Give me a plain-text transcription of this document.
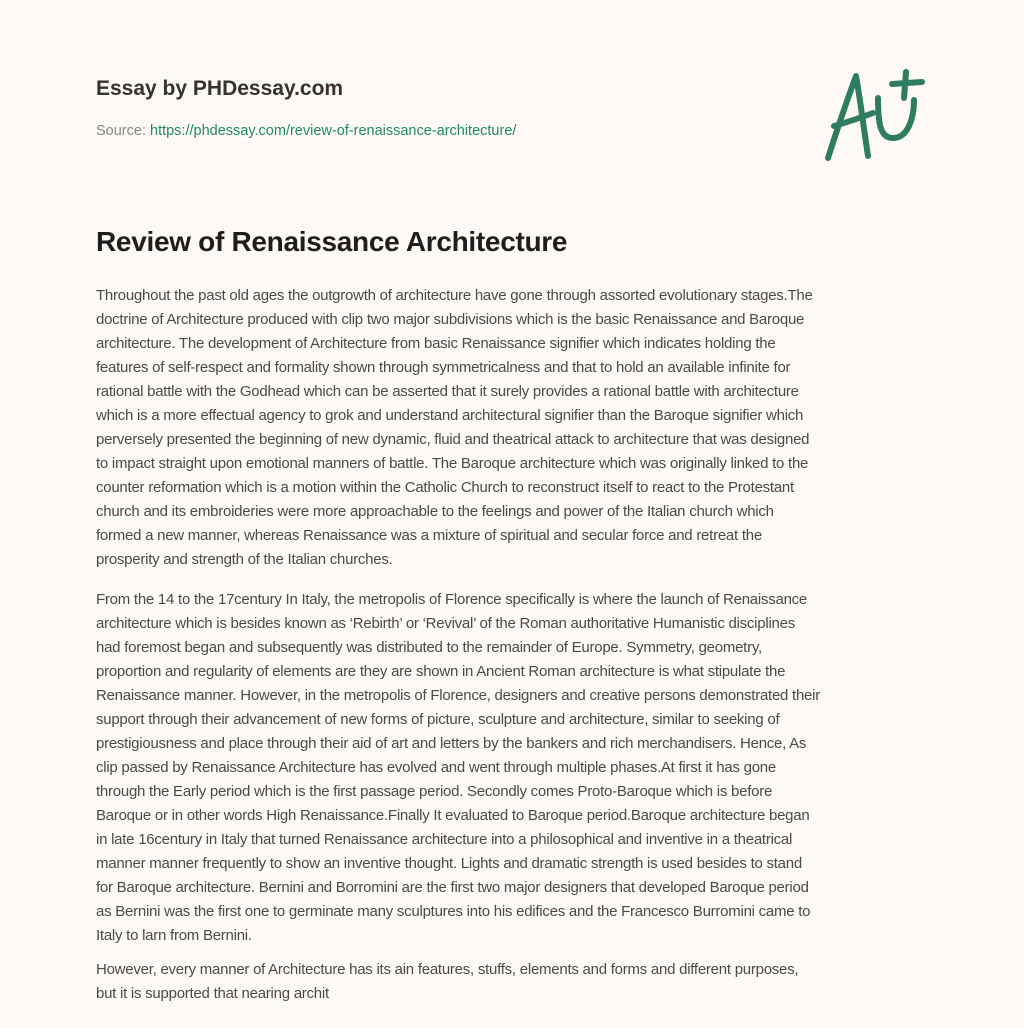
Essay by PHDessay.com
Source: https://phdessay.com/review-of-renaissance-architecture/
Review of Renaissance Architecture

Throughout the past old ages the outgrowth of architecture have gone through assorted evolutionary stages.The
doctrine of Architecture produced with clip two major subdivisions which is the basic Renaissance and Baroque
architecture. The development of Architecture from basic Renaissance signifier which indicates holding the
features of self-respect and formality shown through symmetricalness and that to hold an available infinite for
rational battle with the Godhead which can be asserted that it surely provides a rational battle with architecture
which is a more effectual agency to grok and understand architectural signifier than the Baroque signifier which
perversely presented the beginning of new dynamic, fluid and theatrical attack to architecture that was designed
to impact straight upon emotional manners of battle. The Baroque architecture which was originally linked to the
counter reformation which is a motion within the Catholic Church to reconstruct itself to react to the Protestant
church and its embroideries were more approachable to the feelings and power of the Italian church which
formed a new manner, whereas Renaissance was a mixture of spiritual and secular force and retreat the
prosperity and strength of the Italian churches.

From the 14 to the 17century In Italy, the metropolis of Florence specifically is where the launch of Renaissance
architecture which is besides known as ‘Rebirth’ or ‘Revival’ of the Roman authoritative Humanistic disciplines
had foremost began and subsequently was distributed to the remainder of Europe. Symmetry, geometry,
proportion and regularity of elements are they are shown in Ancient Roman architecture is what stipulate the
Renaissance manner. However, in the metropolis of Florence, designers and creative persons demonstrated their
support through their advancement of new forms of picture, sculpture and architecture, similar to seeking of
prestigiousness and place through their aid of art and letters by the bankers and rich merchandisers. Hence, As
clip passed by Renaissance Architecture has evolved and went through multiple phases.At first it has gone
through the Early period which is the first passage period. Secondly comes Proto-Baroque which is before
Baroque or in other words High Renaissance.Finally It evaluated to Baroque period.Baroque architecture began
in late 16century in Italy that turned Renaissance architecture into a philosophical and inventive in a theatrical
manner manner frequently to show an inventive thought. Lights and dramatic strength is used besides to stand
for Baroque architecture. Bernini and Borromini are the first two major designers that developed Baroque period
as Bernini was the first one to germinate many sculptures into his edifices and the Francesco Burromini came to
Italy to larn from Bernini.

However, every manner of Architecture has its ain features, stuffs, elements and forms and different purposes,
but it is supported that nearing archit
